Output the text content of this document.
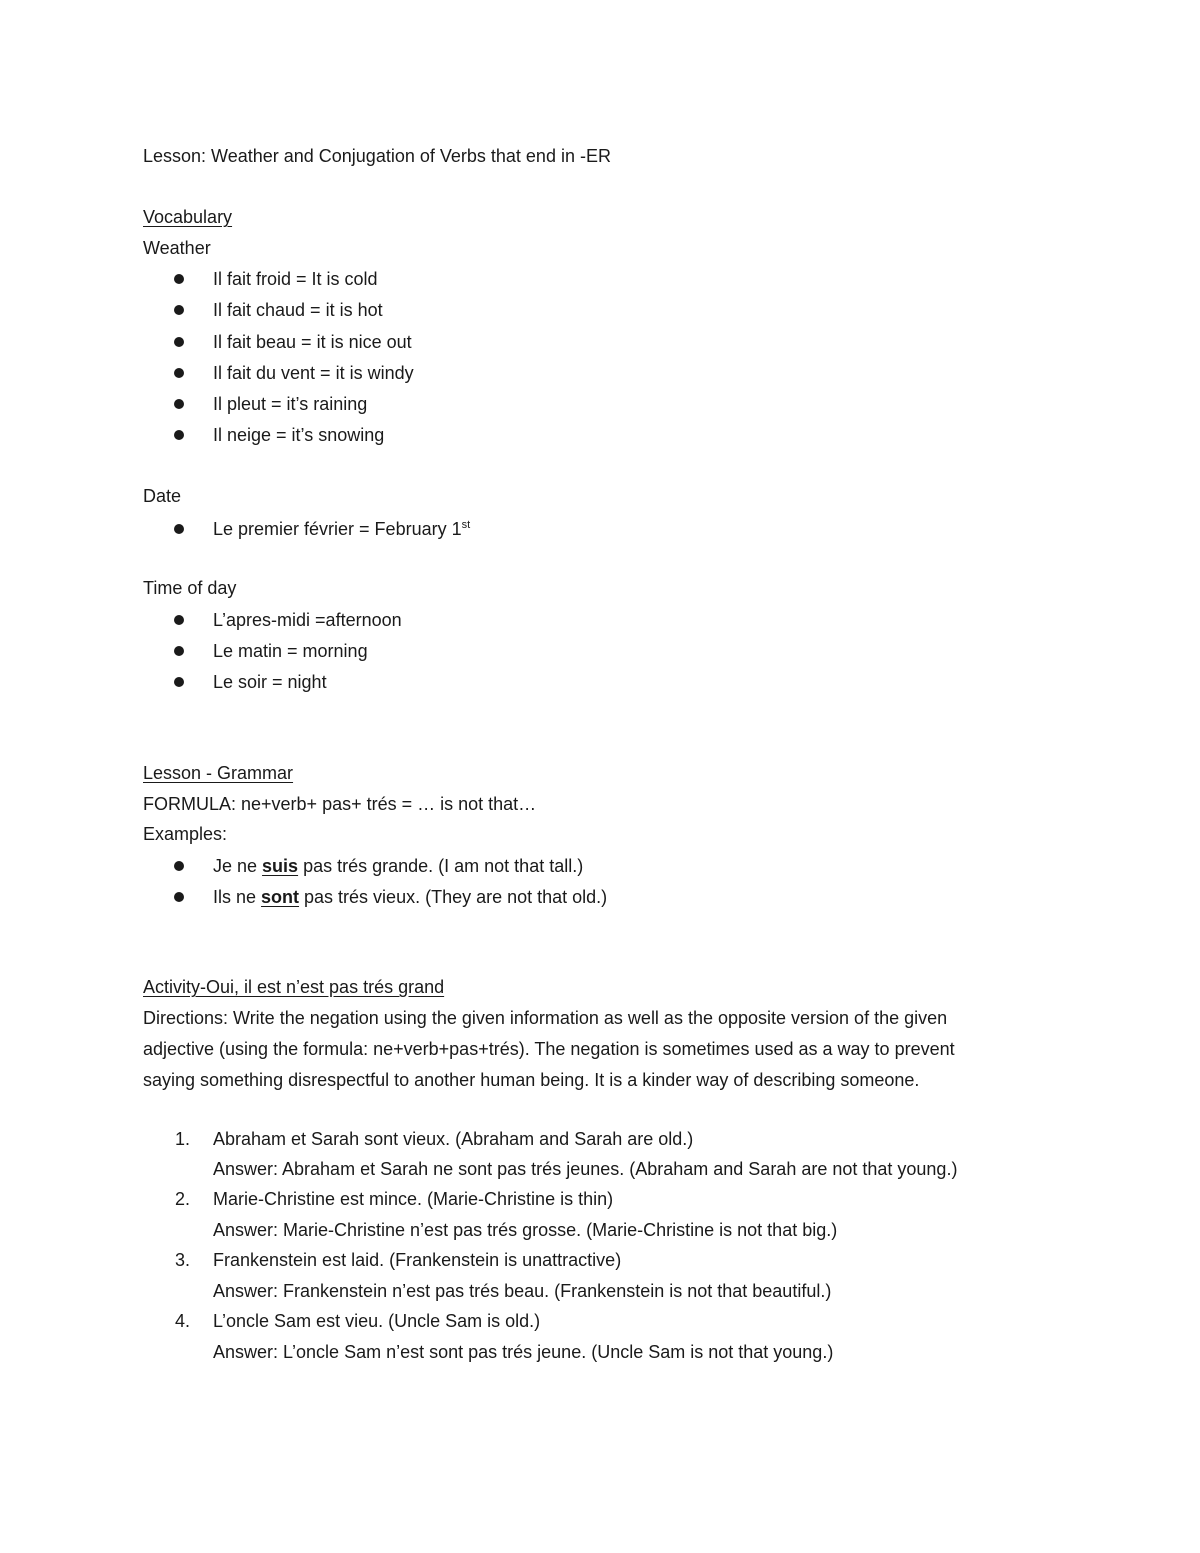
Lesson: Weather and Conjugation of Verbs that end in -ER
Vocabulary
Weather
Il fait froid = It is cold
Il fait chaud = it is hot
Il fait beau = it is nice out
Il fait du vent = it is windy
Il pleut = it’s raining
Il neige = it’s snowing
Date
Le premier février = February 1st
Time of day
L’apres-midi =afternoon
Le matin = morning
Le soir = night
Lesson - Grammar
FORMULA: ne+verb+ pas+ trés = … is not that…
Examples:
Je ne suis pas trés grande. (I am not that tall.)
Ils ne sont pas trés vieux. (They are not that old.)
Activity-Oui, il est n’est pas trés grand
Directions: Write the negation using the given information as well as the opposite version of the given
adjective (using the formula: ne+verb+pas+trés). The negation is sometimes used as a way to prevent
saying something disrespectful to another human being. It is a kinder way of describing someone.
1. Abraham et Sarah sont vieux. (Abraham and Sarah are old.)
Answer: Abraham et Sarah ne sont pas trés jeunes. (Abraham and Sarah are not that young.)
2. Marie-Christine est mince. (Marie-Christine is thin)
Answer: Marie-Christine n’est pas trés grosse. (Marie-Christine is not that big.)
3. Frankenstein est laid. (Frankenstein is unattractive)
Answer: Frankenstein n’est pas trés beau. (Frankenstein is not that beautiful.)
4. L’oncle Sam est vieu. (Uncle Sam is old.)
Answer: L’oncle Sam n’est sont pas trés jeune. (Uncle Sam is not that young.)
